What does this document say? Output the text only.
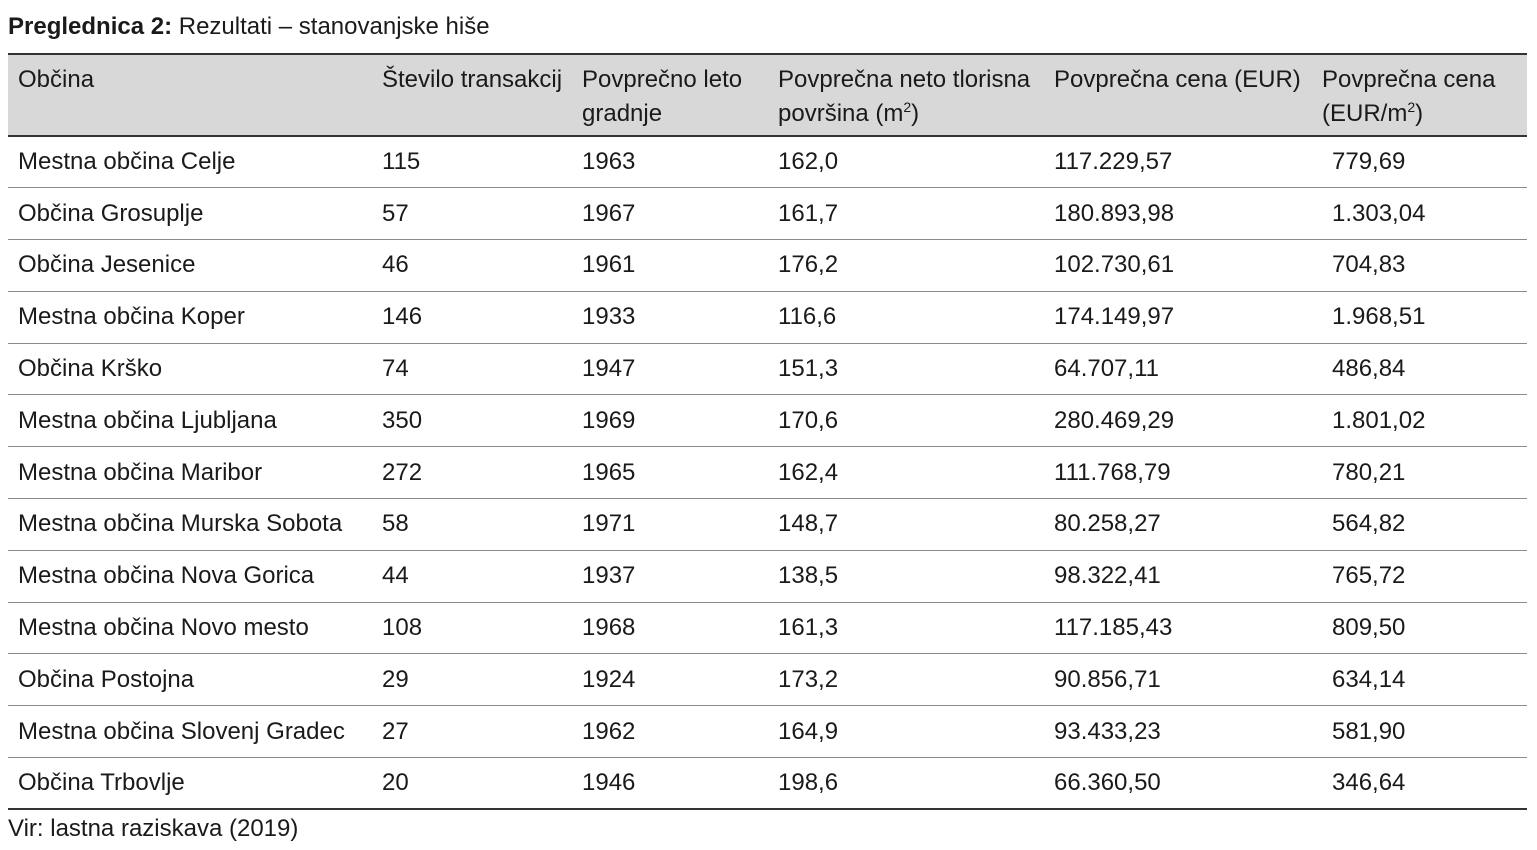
Preglednica 2: Rezultati – stanovanjske hiše
Občina	Število transakcij	Povprečno leto gradnje	Povprečna neto tlorisna površina $(m^2)$	Povprečna cena (EUR)	Povprečna cena $(EUR/m^2)$
Mestna občina Celje	115	1963	162,0	117.229,57	779,69
Občina Grosuplje	57	1967	161,7	180.893,98	1.303,04
Občina Jesenice	46	1961	176,2	102.730,61	704,83
Mestna občina Koper	146	1933	116,6	174.149,97	1.968,51
Občina Krško	74	1947	151,3	64.707,11	486,84
Mestna občina Ljubljana	350	1969	170,6	280.469,29	1.801,02
Mestna občina Maribor	272	1965	162,4	111.768,79	780,21
Mestna občina Murska Sobota	58	1971	148,7	80.258,27	564,82
Mestna občina Nova Gorica	44	1937	138,5	98.322,41	765,72
Mestna občina Novo mesto	108	1968	161,3	117.185,43	809,50
Občina Postojna	29	1924	173,2	90.856,71	634,14
Mestna občina Slovenj Gradec	27	1962	164,9	93.433,23	581,90
Občina Trbovlje	20	1946	198,6	66.360,50	346,64
Vir: lastna raziskava (2019)
